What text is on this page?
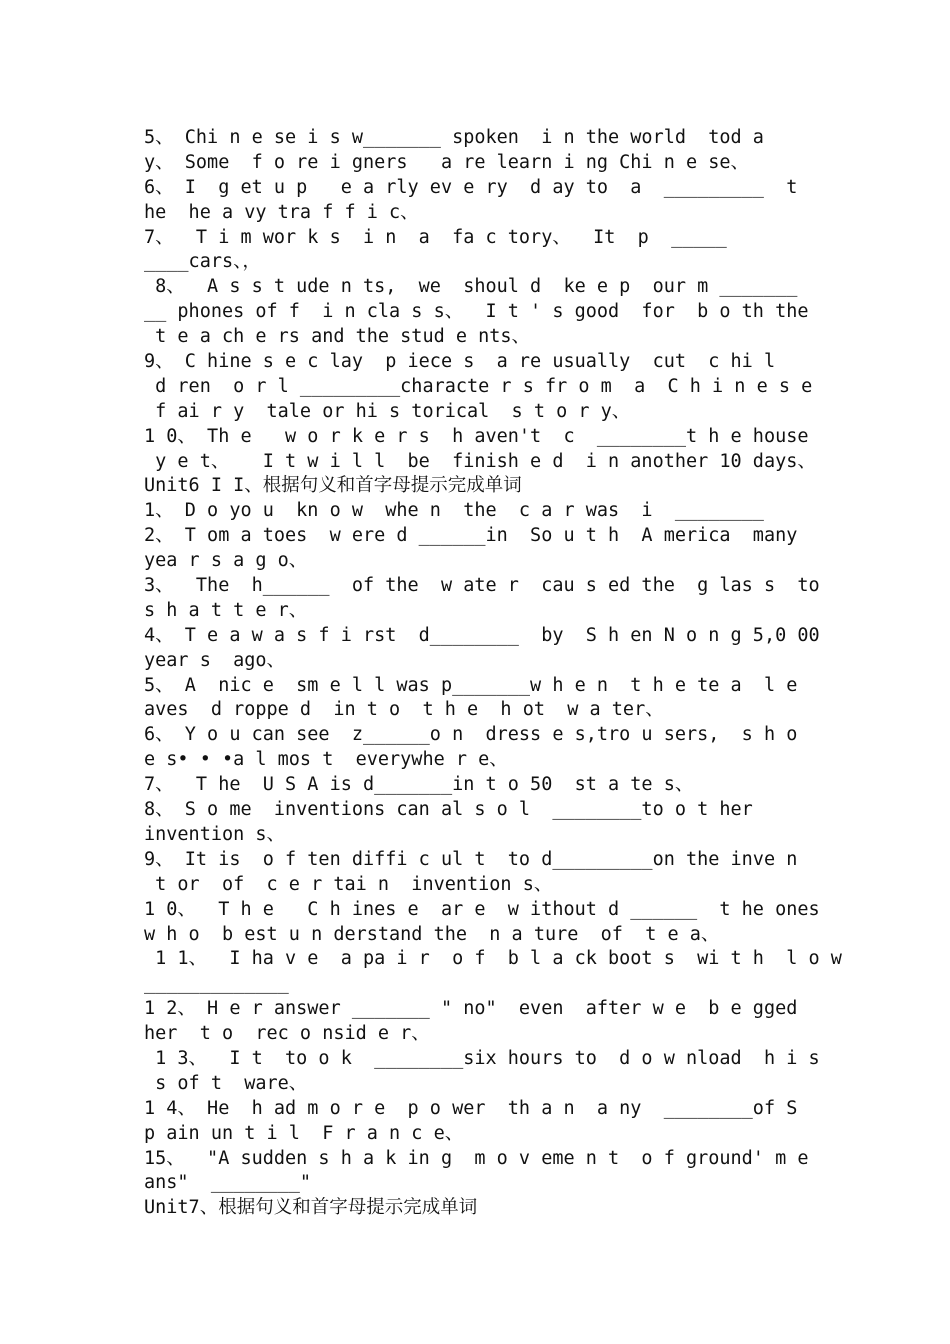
5、 Chi n e se i s w_______ spoken  i n the world  tod a
y、 Some  f o re i gners   a re learn i ng Chi n e se、
6、 I  g et u p   e a rly ev e ry  d ay to  a  _________  t
he  he a vy tra f f i c、
7、  T i m wor k s  i n  a  fa c tory、  It  p  _____
____cars、，
8、  A s s t ude n ts,  we  shoul d  ke e p  our m _______
__ phones of f  i n cla s s、  I t ' s good  for  b o th the
t e a ch e rs and the stud e nts、
9、 C hine s e c lay  p iece s  a re usually  cut  c hi l
d ren  o r l _________characte r s fr o m  a  C h i n e s e
f ai r y  tale or hi s torical  s t o r y、
1 0、 Th e   w o r k e r s  h aven't  c  ________t h e house
y e t、   I t w i l l  be  finish e d  i n another 10 days、
Unit6 I I、根据句义和首字母提示完成单词
1、 D o yo u  kn o w  whe n  the  c a r was  i  ________
2、 T om a toes  w ere d ______in  So u t h  A merica  many
yea r s a g o、
3、  The  h______  of the  w ate r  cau s ed the  g las s  to
s h a t t e r、
4、 T e a w a s f i rst  d________  by  S h en N o n g 5,0 00
year s  ago、
5、 A  nic e  sm e l l was p_______w h e n  t h e te a  l e
aves  d roppe d  in t o  t h e  h ot  w a ter、
6、 Y o u can see  z______o n  dress e s,tro u sers,  s h o
e s• • •a l mos t  everywhe r e、
7、  T he  U S A is d_______in t o 50  st a te s、
8、 S o me  inventions can al s o l  ________to o t her
invention s、
9、 It is  o f ten diffi c ul t  to d_________on the inve n
t or  of  c e r tai n  invention s、
1 0、  T h e   C h ines e  ar e  w ithout d ______  t he ones
w h o  b est u n derstand the  n a ture  of  t e a、
1 1、  I ha v e  a pa i r  o f  b l a ck boot s  wi t h  l o w
_____________
1 2、 H e r answer _______ " no"  even  after w e  b e gged
her  t o  rec o nsid e r、
1 3、  I t  to o k  ________six hours to  d o w nload  h i s
s of t  ware、
1 4、 He  h ad m o r e  p o wer  th a n  a ny  ________of S
p ain un t i l  F r a n c e、
15、  "A sudden s h a k in g  m o v eme n t  o f ground' m e
ans"  ________"
Unit7、根据句义和首字母提示完成单词
